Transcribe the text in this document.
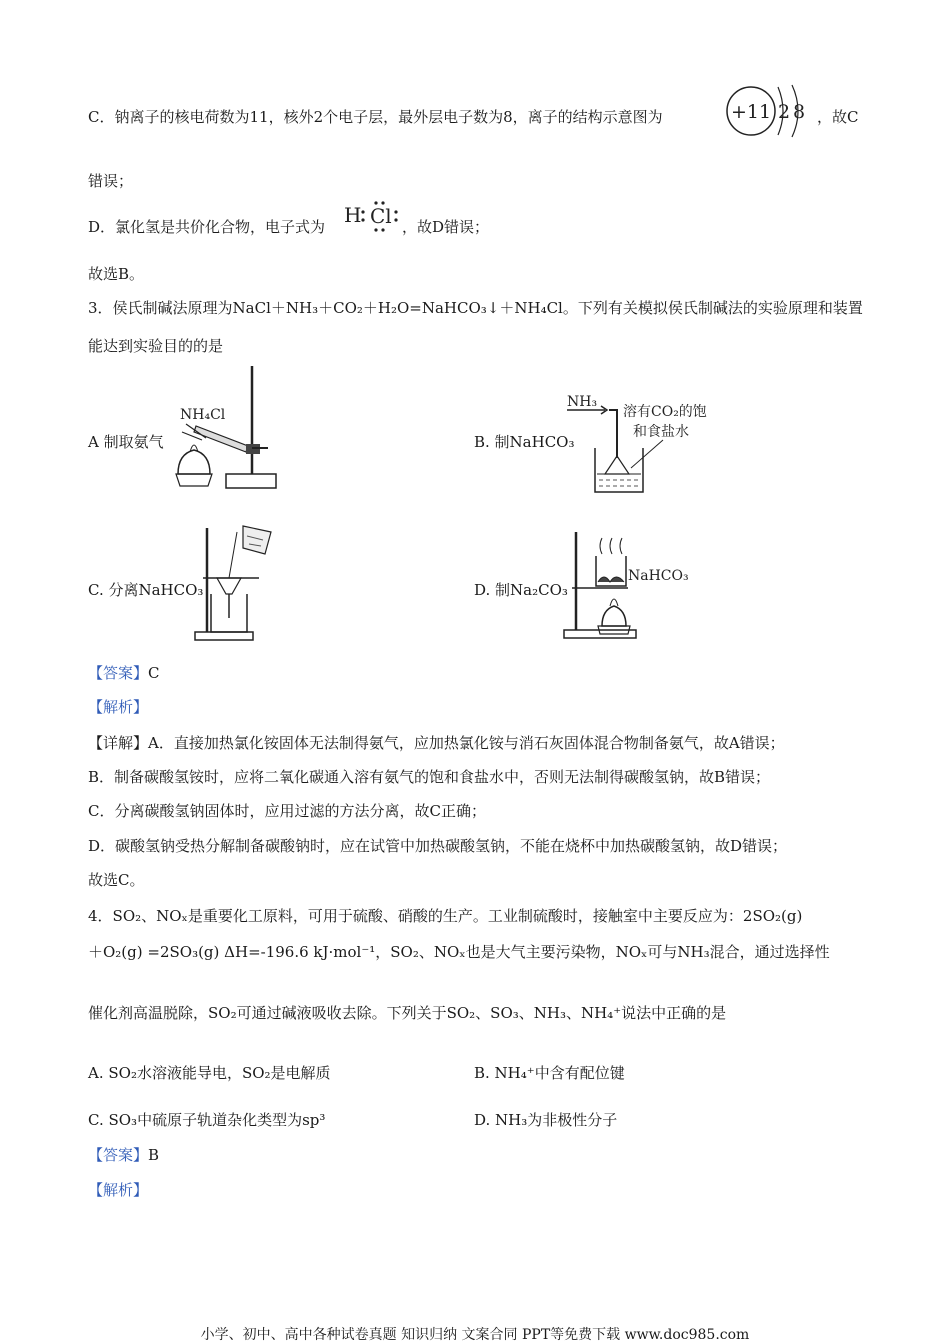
C．钠离子的核电荷数为11，核外2个电子层，最外层电子数为8，离子的结构示意图为	+11 2 8 ，故C
错误；
D．氯化氢是共价化合物，电子式为 H Cl ，故D错误；
故选B。
3．侯氏制碱法原理为NaCl＋NH₃＋CO₂＋H₂O=NaHCO₃↓＋NH₄Cl。下列有关模拟侯氏制碱法的实验原理和装置
能达到实验目的的是
A 制取氨气
NH₄Cl
B. 制NaHCO₃
NH₃
溶有CO₂的饱
和食盐水
C. 分离NaHCO₃	D. 制Na₂CO₃
NaHCO₃
【答案】C
【解析】
【详解】A．直接加热氯化铵固体无法制得氨气，应加热氯化铵与消石灰固体混合物制备氨气，故A错误；
B．制备碳酸氢铵时，应将二氧化碳通入溶有氨气的饱和食盐水中，否则无法制得碳酸氢钠，故B错误；
C．分离碳酸氢钠固体时，应用过滤的方法分离，故C正确；
D．碳酸氢钠受热分解制备碳酸钠时，应在试管中加热碳酸氢钠，不能在烧杯中加热碳酸氢钠，故D错误；
故选C。
4．SO₂、NOₓ是重要化工原料，可用于硫酸、硝酸的生产。工业制硫酸时，接触室中主要反应为：2SO₂(g)
＋O₂(g) =2SO₃(g) ΔH=-196.6 kJ·mol⁻¹，SO₂、NOₓ也是大气主要污染物，NOₓ可与NH₃混合，通过选择性
催化剂高温脱除，SO₂可通过碱液吸收去除。下列关于SO₂、SO₃、NH₃、NH₄⁺说法中正确的是
A. SO₂水溶液能导电，SO₂是电解质	B. NH₄⁺中含有配位键
C. SO₃中硫原子轨道杂化类型为sp³	D. NH₃为非极性分子
【答案】B
【解析】
小学、初中、高中各种试卷真题 知识归纳 文案合同 PPT等免费下载 www.doc985.com
